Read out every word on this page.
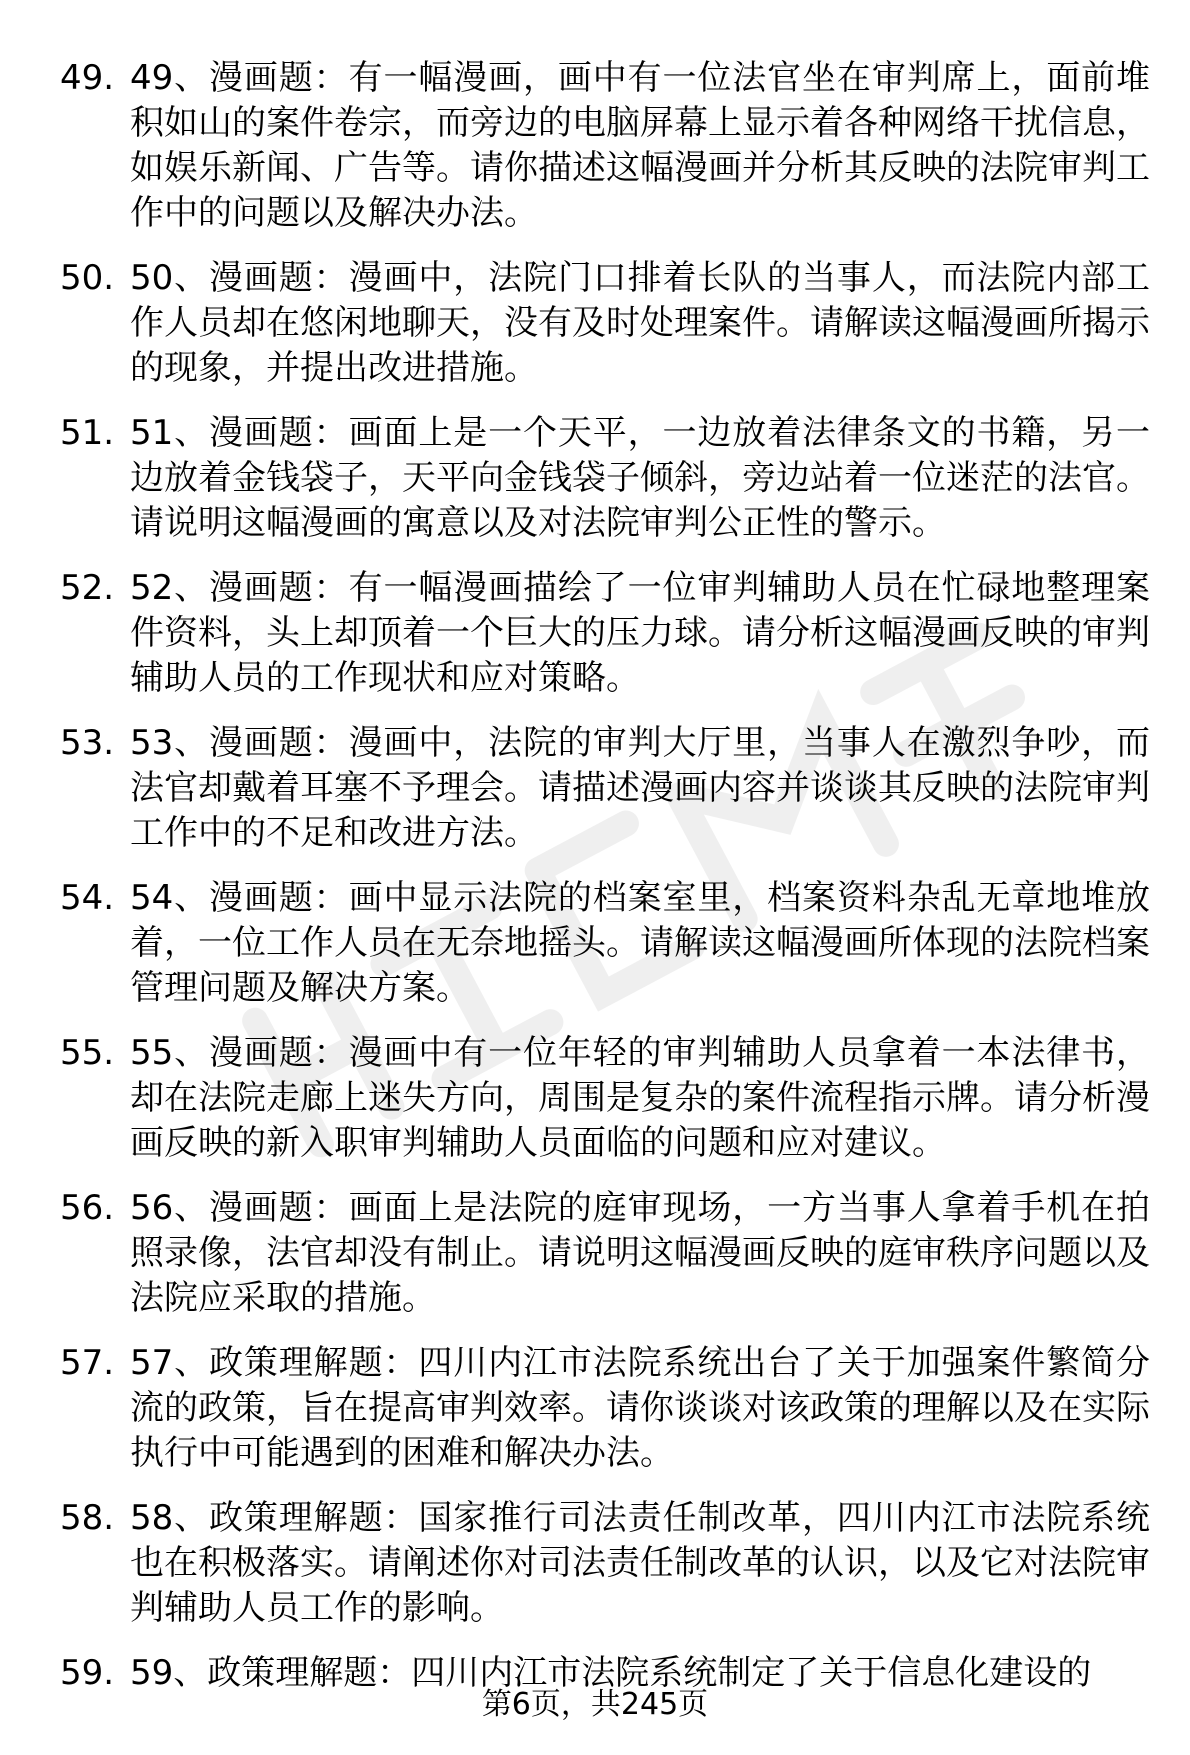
49. 49、漫画题：有一幅漫画，画中有一位法官坐在审判席上，面前堆积如山的案件卷宗，而旁边的电脑屏幕上显示着各种网络干扰信息，如娱乐新闻、广告等。请你描述这幅漫画并分析其反映的法院审判工作中的问题以及解决办法。
50. 50、漫画题：漫画中，法院门口排着长队的当事人，而法院内部工作人员却在悠闲地聊天，没有及时处理案件。请解读这幅漫画所揭示的现象，并提出改进措施。
51. 51、漫画题：画面上是一个天平，一边放着法律条文的书籍，另一边放着金钱袋子，天平向金钱袋子倾斜，旁边站着一位迷茫的法官。请说明这幅漫画的寓意以及对法院审判公正性的警示。
52. 52、漫画题：有一幅漫画描绘了一位审判辅助人员在忙碌地整理案件资料，头上却顶着一个巨大的压力球。请分析这幅漫画反映的审判辅助人员的工作现状和应对策略。
53. 53、漫画题：漫画中，法院的审判大厅里，当事人在激烈争吵，而法官却戴着耳塞不予理会。请描述漫画内容并谈谈其反映的法院审判工作中的不足和改进方法。
54. 54、漫画题：画中显示法院的档案室里，档案资料杂乱无章地堆放着，一位工作人员在无奈地摇头。请解读这幅漫画所体现的法院档案管理问题及解决方案。
55. 55、漫画题：漫画中有一位年轻的审判辅助人员拿着一本法律书，却在法院走廊上迷失方向，周围是复杂的案件流程指示牌。请分析漫画反映的新入职审判辅助人员面临的问题和应对建议。
56. 56、漫画题：画面上是法院的庭审现场，一方当事人拿着手机在拍照录像，法官却没有制止。请说明这幅漫画反映的庭审秩序问题以及法院应采取的措施。
57. 57、政策理解题：四川内江市法院系统出台了关于加强案件繁简分流的政策，旨在提高审判效率。请你谈谈对该政策的理解以及在实际执行中可能遇到的困难和解决办法。
58. 58、政策理解题：国家推行司法责任制改革，四川内江市法院系统也在积极落实。请阐述你对司法责任制改革的认识，以及它对法院审判辅助人员工作的影响。
59. 59、政策理解题：四川内江市法院系统制定了关于信息化建设的
第6页，共245页
